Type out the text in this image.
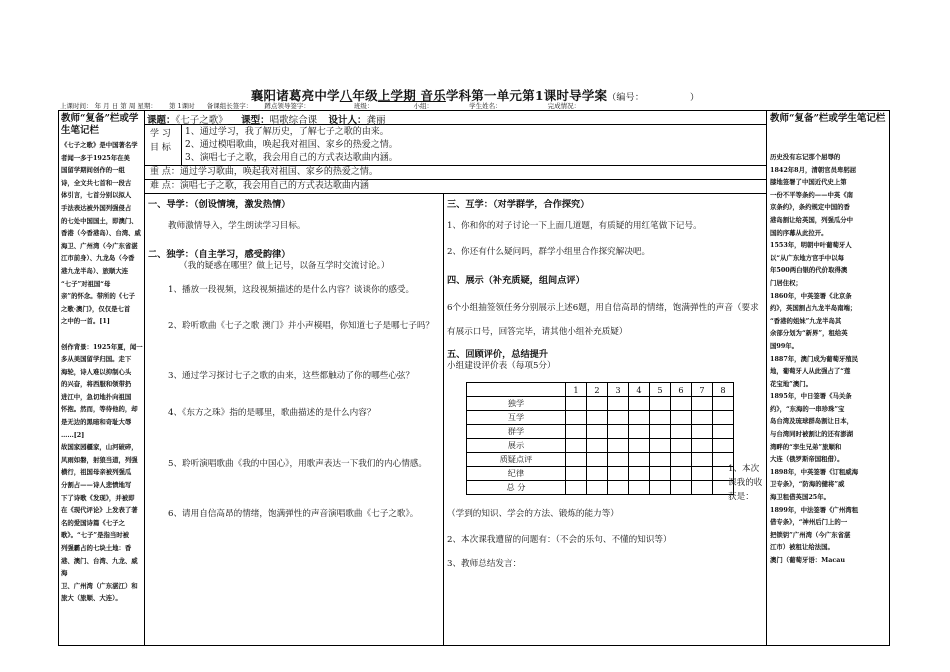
襄阳诸葛亮中学八年级上学期 音乐学科第一单元第1课时导学案（编号：	）
上课时间： 年 月 日 第 周 星期： 第 1课时 备课组长签字： 蹲点领导签字：	班级：	小组：	学生姓名：	完成情况：
教师“复备”栏或学生笔记栏
《七子之歌》是中国著名学
者闻一多于1925年在美
国留学期间创作的一组
诗，全文共七首和一段古
体引言，七首分别以拟人
手法表达被外国列强侵占
的七处中国国土，即澳门、
香港（今香港岛）、台湾、威
海卫、广州湾（今广东省湛
江市前身）、九龙岛（今香
港九龙半岛）、旅顺大连
“七子”对祖国“母
亲”的怀念。带所的《七子
之歌·澳门》，仅仅是七首
之中的一首。[1]

创作背景：1925年夏，闻一
多从美国留学归国。走下
海轮，诗人难以抑制心头
的兴奋，将西服和领带扔
进江中，急切地扑向祖国
怀抱。然而，等待他的，却
是无边的黑暗和奇耻大辱
……[2]
故国家园疆家，山河破碎，
风雨如磐，射狼当道，列强
横行，祖国母亲被列强瓜
分割占——诗人悲愤地写
下了诗歌《发现》，并被即
在《现代评论》上发表了著
名的爱国诗篇《七子之
歌》。“七子”是指当时被
列强霸占的七块土地：香
港、澳门、台湾、九龙、威海
卫、广州湾（广东湛江）和
旅大（旅顺、大连）。
教师“复备”栏或学生笔记栏
历史没有忘记那个屈辱的
1842年8月，清朝官员卑躬屈
膝地签署了中国近代史上第
一份不平等条约——中英《南
京条约》，条约规定中国的香
港岛割让给英国，列强瓜分中
国的序幕从此拉开。
1553年，明朝中叶葡萄牙人
以“从广东地方官手中以每
年500两白银的代价取得澳
门居住权；
1860年，中英签署《北京条
约》，英国割占九龙半岛南端；
“香港的姐妹”九龙半岛其
余部分划为“新界”，租给英
国99年。
1887年，澳门成为葡萄牙殖民
地，葡萄牙人从此强占了“莲
花宝地”澳门。
1895年，中日签署《马关条
约》，“东海的一串珍珠”宝
岛台湾及琉球群岛割让日本，
与台湾同时被割让的还有澎湖
湾畔的“孪生兄弟”旅顺和
大连（俄罗斯帝国租借）。
1898年，中英签署《订租威海
卫专条》，“防海的健将”威
海卫租借英国25年。
1899年，中法签署《广州湾租
借专条》，“神州后门上的一
把锁钥”广州湾（今广东省湛
江市）被租让给法国。
澳门（葡萄牙语：Macau
课题：《七子之歌》 课型：唱歌综合课 设计人：龚丽
学 习
目 标
1、通过学习，我了解历史，了解七子之歌的由来。
2、通过模唱歌曲，唤起我对祖国、家乡的热爱之情。
3、演唱七子之歌，我会用自己的方式表达歌曲内涵。
重 点：通过学习歌曲，唤起我对祖国、家乡的热爱之情。
难 点：演唱七子之歌，我会用自己的方式表达歌曲内涵
一、导学：（创设情境，激发热情）
教师激情导入，学生朗读学习目标。
二、独学：（自主学习，感受韵律）
（我的疑惑在哪里？做上记号，以备互学时交流讨论。）
1、播放一段视频，这段视频描述的是什么内容？谈谈你的感受。
2、聆听歌曲《七子之歌 澳门》并小声模唱，你知道七子是哪七子吗？
3、通过学习探讨七子之歌的由来，这些都触动了你的哪些心弦？
4、《东方之珠》指的是哪里，歌曲描述的是什么内容？
5、聆听演唱歌曲《我的中国心》，用歌声表达一下我们的内心情感。
6、请用自信高昂的情绪，饱满弹性的声音演唱歌曲《七子之歌》。
三、互学：（对学群学，合作探究）
1、你和你的对子讨论一下上面几道题，有质疑的用红笔做下记号。
2、你还有什么疑问吗，群学小组里合作探究解决吧。
四、展示（补充质疑，组间点评）
6个小组抽签领任务分别展示上述6题，用自信高昂的情绪，饱满弹性的声音（要求有展示口号，回答完毕，请其他小组补充质疑）
五、回顾评价，总结提升
小组建设评价表（每项5分）
	1	2	3	4	5	6	7	8
独学								
互学								
群学								
展示								
质疑点评								
纪律								
总 分								
1、本次课我的收获是：
（学到的知识、学会的方法、锻炼的能力等）
2、本次课我遭留的问题有：（不会的乐句、不懂的知识等）
3、教师总结发言：
